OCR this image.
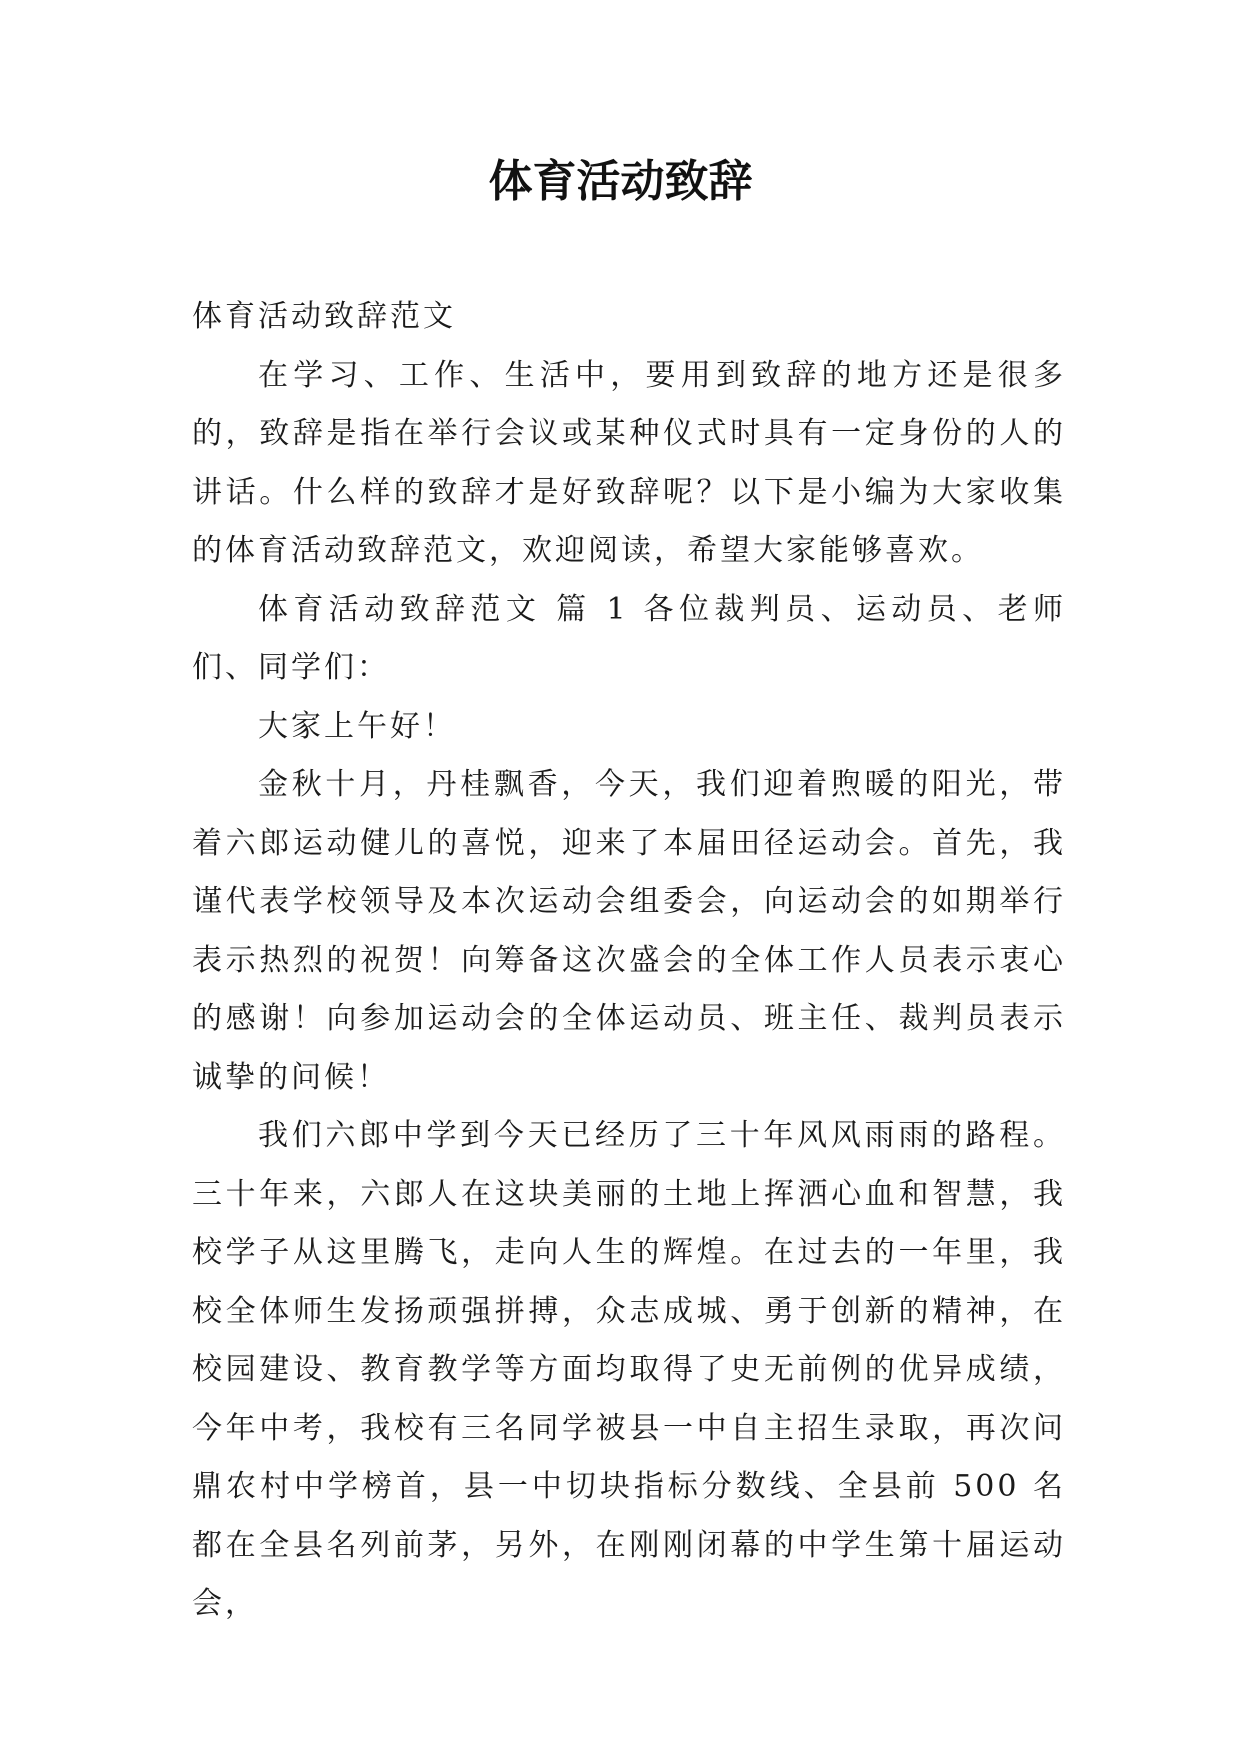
体育活动致辞

体育活动致辞范文

在学习、工作、生活中，要用到致辞的地方还是很多的，致辞是指在举行会议或某种仪式时具有一定身份的人的讲话。什么样的致辞才是好致辞呢？以下是小编为大家收集的体育活动致辞范文，欢迎阅读，希望大家能够喜欢。

体育活动致辞范文 篇 1 各位裁判员、运动员、老师们、同学们：

大家上午好！

金秋十月，丹桂飘香，今天，我们迎着煦暖的阳光，带着六郎运动健儿的喜悦，迎来了本届田径运动会。首先，我谨代表学校领导及本次运动会组委会，向运动会的如期举行表示热烈的祝贺！向筹备这次盛会的全体工作人员表示衷心的感谢！向参加运动会的全体运动员、班主任、裁判员表示诚挚的问候！

我们六郎中学到今天已经历了三十年风风雨雨的路程。三十年来，六郎人在这块美丽的土地上挥洒心血和智慧，我校学子从这里腾飞，走向人生的辉煌。在过去的一年里，我校全体师生发扬顽强拼搏，众志成城、勇于创新的精神，在校园建设、教育教学等方面均取得了史无前例的优异成绩，今年中考，我校有三名同学被县一中自主招生录取，再次问鼎农村中学榜首，县一中切块指标分数线、全县前 500 名都在全县名列前茅，另外，在刚刚闭幕的中学生第十届运动会，
